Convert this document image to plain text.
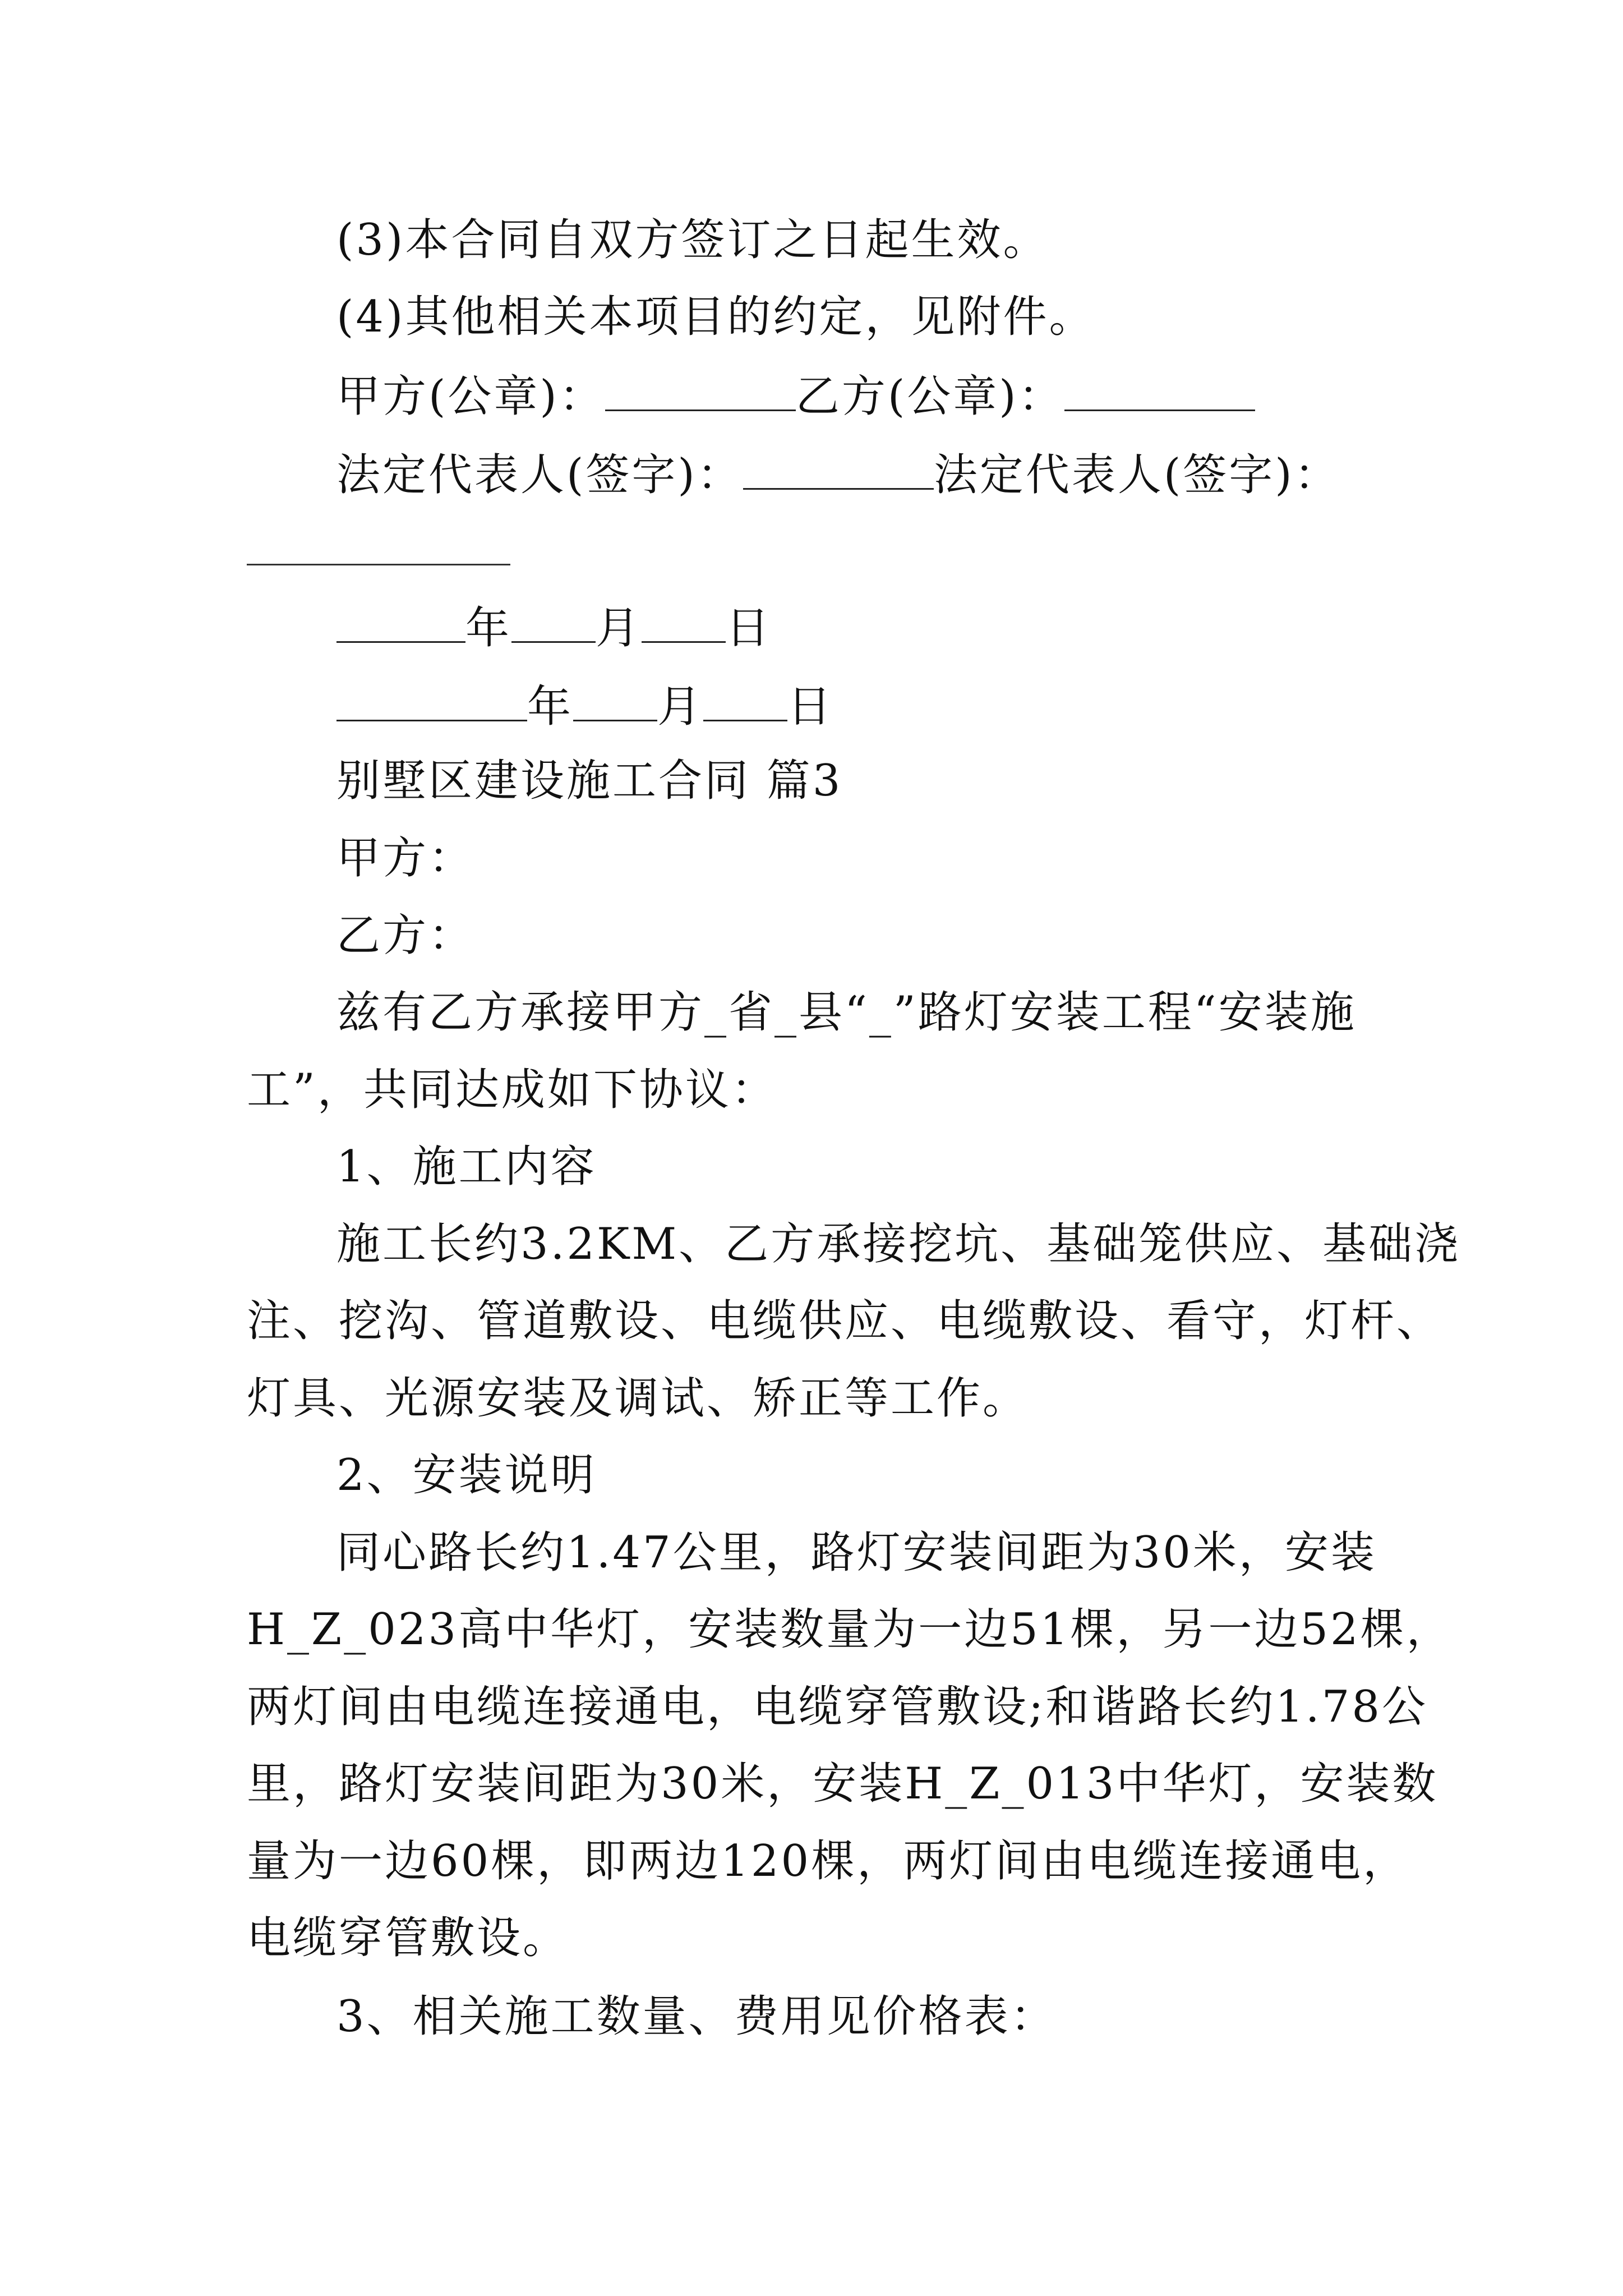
(3)本合同自双方签订之日起生效。
(4)其他相关本项目的约定，见附件。
甲方(公章)：	乙方(公章)：
法定代表人(签字)：	法定代表人(签字)：
年 月 日
年 月 日
别墅区建设施工合同 篇3
甲方：
乙方：
兹有乙方承接甲方_省_县“_”路灯安装工程“安装施
工”，共同达成如下协议：
1、施工内容
施工长约3.2KM、乙方承接挖坑、基础笼供应、基础浇
注、挖沟、管道敷设、电缆供应、电缆敷设、看守，灯杆、
灯具、光源安装及调试、矫正等工作。
2、安装说明
同心路长约1.47公里，路灯安装间距为30米，安装
H_Z_023高中华灯，安装数量为一边51棵，另一边52棵，
两灯间由电缆连接通电，电缆穿管敷设;和谐路长约1.78公
里，路灯安装间距为30米，安装H_Z_013中华灯，安装数
量为一边60棵，即两边120棵，两灯间由电缆连接通电，
电缆穿管敷设。
3、相关施工数量、费用见价格表：
